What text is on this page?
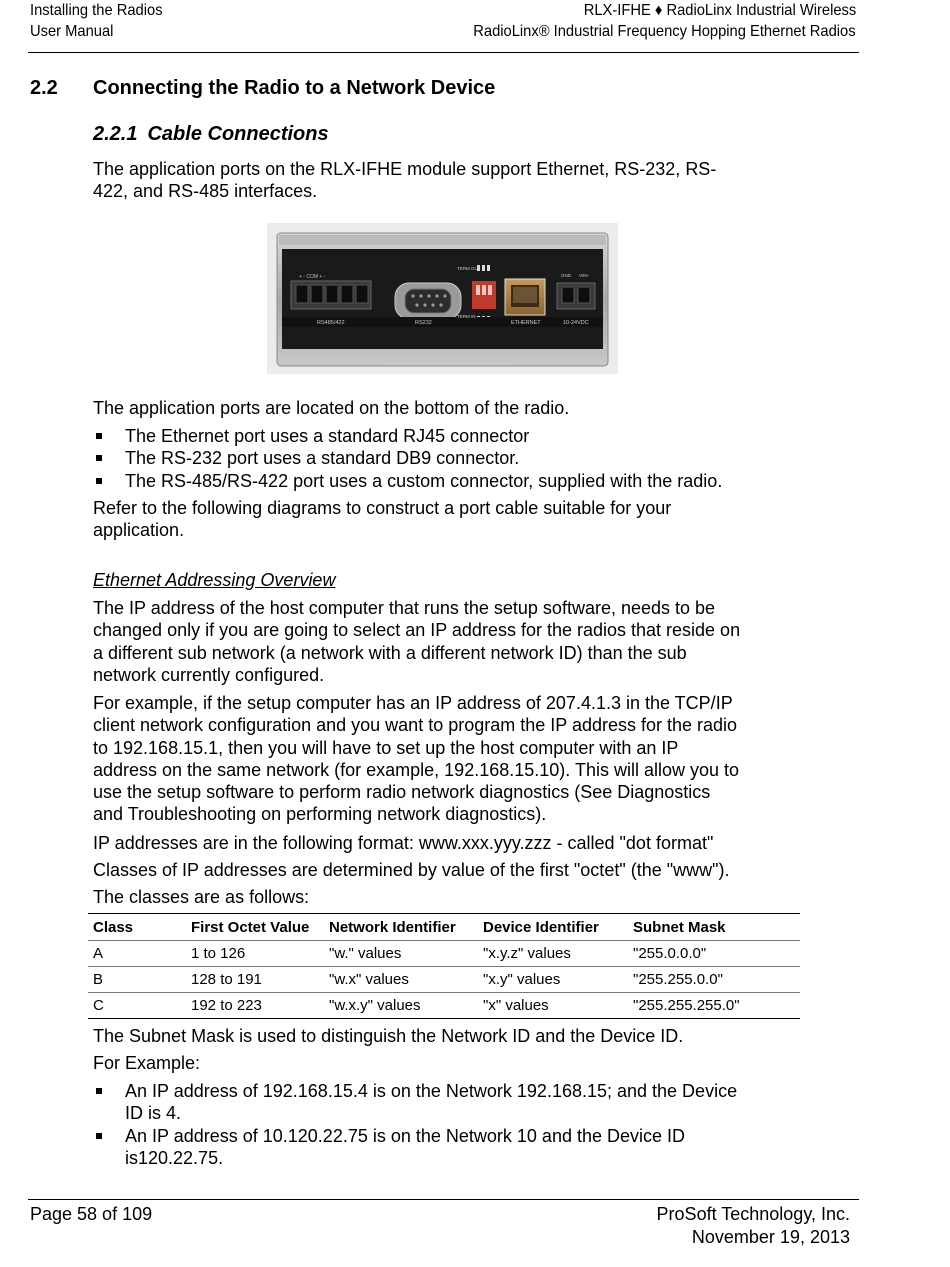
Installing the Radios
User Manual
RLX-IFHE ♦ RadioLinx Industrial Wireless
RadioLinx® Industrial Frequency Hopping Ethernet Radios
2.2 Connecting the Radio to a Network Device
2.2.1 Cable Connections
The application ports on the RLX-IFHE module support Ethernet, RS-232, RS-
422, and RS-485 interfaces.
+ - COM + -
RS485/422	RS232	ETHERNET	10-24VDC
TERM OUT
TERM IN
GND VIN+
The application ports are located on the bottom of the radio.
The Ethernet port uses a standard RJ45 connector
The RS-232 port uses a standard DB9 connector.
The RS-485/RS-422 port uses a custom connector, supplied with the radio.
Refer to the following diagrams to construct a port cable suitable for your
application.
Ethernet Addressing Overview
The IP address of the host computer that runs the setup software, needs to be
changed only if you are going to select an IP address for the radios that reside on
a different sub network (a network with a different network ID) than the sub
network currently configured.
For example, if the setup computer has an IP address of 207.4.1.3 in the TCP/IP
client network configuration and you want to program the IP address for the radio
to 192.168.15.1, then you will have to set up the host computer with an IP
address on the same network (for example, 192.168.15.10). This will allow you to
use the setup software to perform radio network diagnostics (See Diagnostics
and Troubleshooting on performing network diagnostics).
IP addresses are in the following format: www.xxx.yyy.zzz - called "dot format"
Classes of IP addresses are determined by value of the first "octet" (the "www").
The classes are as follows:
Class	First Octet Value	Network Identifier	Device Identifier	Subnet Mask
A	1 to 126	"w." values	"x.y.z" values	"255.0.0.0"
B	128 to 191	"w.x" values	"x.y" values	"255.255.0.0"
C	192 to 223	"w.x.y" values	"x" values	"255.255.255.0"
The Subnet Mask is used to distinguish the Network ID and the Device ID.
For Example:
An IP address of 192.168.15.4 is on the Network 192.168.15; and the Device
ID is 4.
An IP address of 10.120.22.75 is on the Network 10 and the Device ID
is120.22.75.
Page 58 of 109	ProSoft Technology, Inc.
November 19, 2013
